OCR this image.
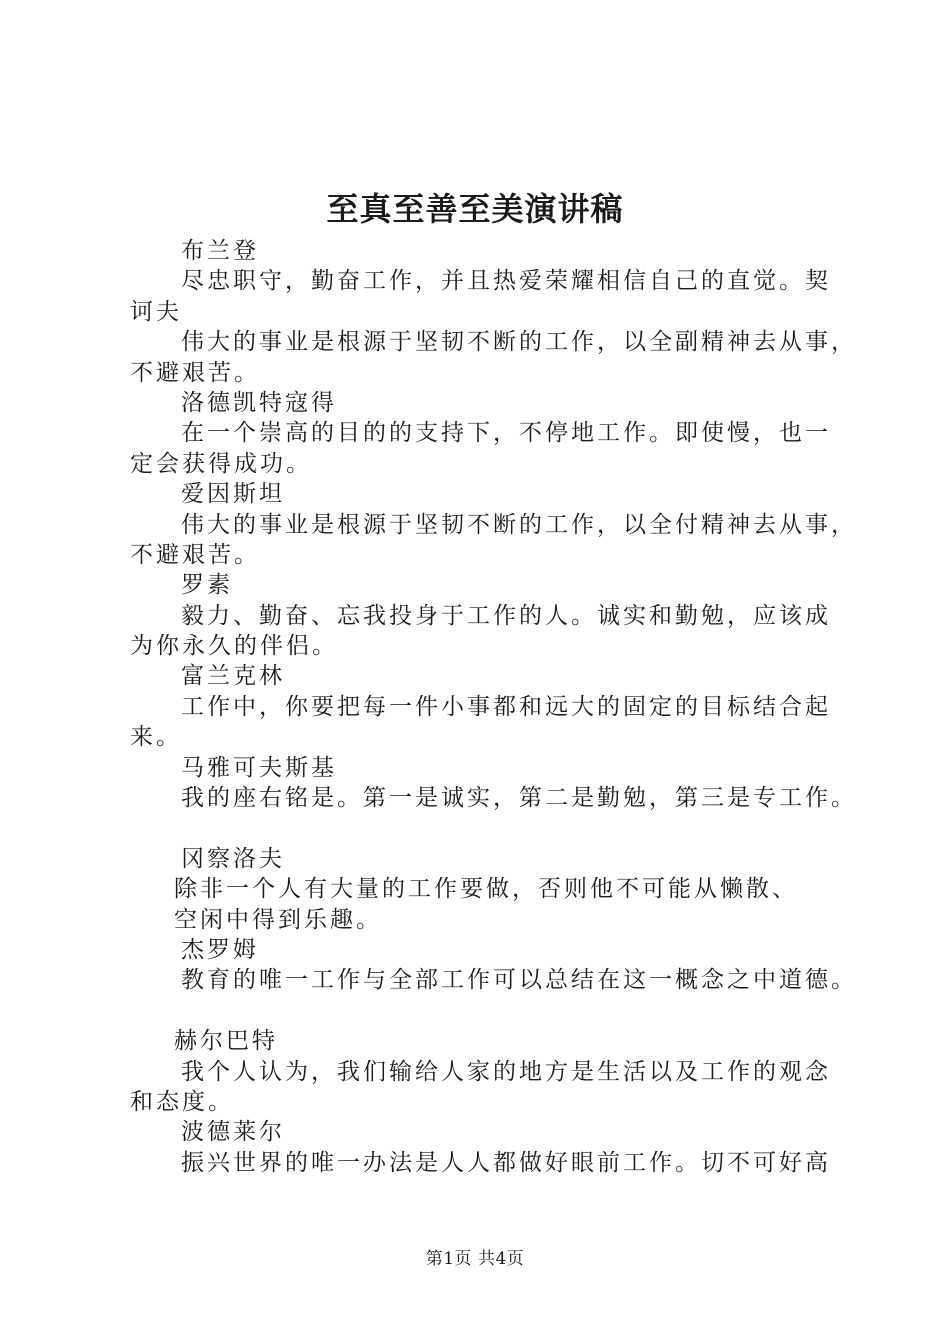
至真至善至美演讲稿
布兰登
尽忠职守，勤奋工作，并且热爱荣耀相信自己的直觉。契
诃夫
伟大的事业是根源于坚韧不断的工作，以全副精神去从事，
不避艰苦。
洛德凯特寇得
在一个崇高的目的的支持下，不停地工作。即使慢，也一
定会获得成功。
爱因斯坦
伟大的事业是根源于坚韧不断的工作，以全付精神去从事，
不避艰苦。
罗素
毅力、勤奋、忘我投身于工作的人。诚实和勤勉，应该成
为你永久的伴侣。
富兰克林
工作中，你要把每一件小事都和远大的固定的目标结合起
来。
马雅可夫斯基
我的座右铭是。第一是诚实，第二是勤勉，第三是专工作。
冈察洛夫
除非一个人有大量的工作要做，否则他不可能从懒散、
空闲中得到乐趣。
杰罗姆
教育的唯一工作与全部工作可以总结在这一概念之中道德。
赫尔巴特
我个人认为，我们输给人家的地方是生活以及工作的观念
和态度。
波德莱尔
振兴世界的唯一办法是人人都做好眼前工作。切不可好高
第1页 共4页
